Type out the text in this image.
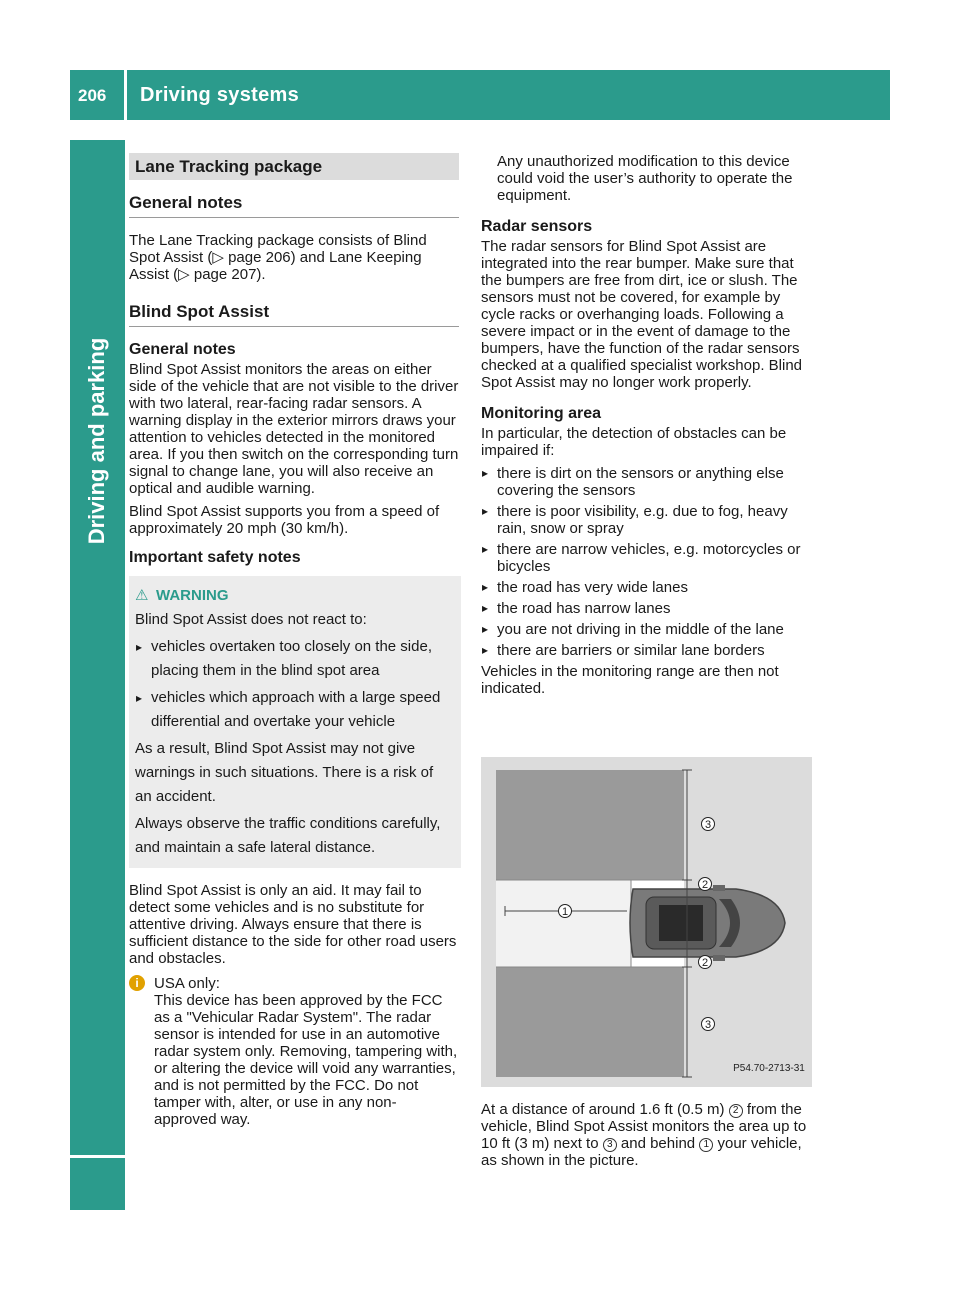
206 Driving systems
Driving and parking
Lane Tracking package
General notes

The Lane Tracking package consists of Blind Spot Assist (▷ page 206) and Lane Keeping Assist (▷ page 207).

Blind Spot Assist
General notes

Blind Spot Assist monitors the areas on either side of the vehicle that are not visible to the driver with two lateral, rear-facing radar sensors. A warning display in the exterior mirrors draws your attention to vehicles detected in the monitored area. If you then switch on the corresponding turn signal to change lane, you will also receive an optical and audible warning.

Blind Spot Assist supports you from a speed of approximately 20 mph (30 km/h).

Important safety notes
⚠ WARNING

Blind Spot Assist does not react to:

▸ vehicles overtaken too closely on the side, placing them in the blind spot area
▸ vehicles which approach with a large speed differential and overtake your vehicle

As a result, Blind Spot Assist may not give warnings in such situations. There is a risk of an accident.

Always observe the traffic conditions carefully, and maintain a safe lateral distance.

Blind Spot Assist is only an aid. It may fail to detect some vehicles and is no substitute for attentive driving. Always ensure that there is sufficient distance to the side for other road users and obstacles.

i	USA only:

This device has been approved by the FCC as a "Vehicular Radar System". The radar sensor is intended for use in an automotive radar system only. Removing, tampering with, or altering the device will void any warranties, and is not permitted by the FCC. Do not tamper with, alter, or use in any non-approved way.

Any unauthorized modification to this device could void the user’s authority to operate the equipment.

Radar sensors

The radar sensors for Blind Spot Assist are integrated into the rear bumper. Make sure that the bumpers are free from dirt, ice or slush. The sensors must not be covered, for example by cycle racks or overhanging loads. Following a severe impact or in the event of damage to the bumpers, have the function of the radar sensors checked at a qualified specialist workshop. Blind Spot Assist may no longer work properly.

Monitoring area

In particular, the detection of obstacles can be impaired if:

▸ there is dirt on the sensors or anything else covering the sensors
▸ there is poor visibility, e.g. due to fog, heavy rain, snow or spray
▸ there are narrow vehicles, e.g. motorcycles or bicycles
▸ the road has very wide lanes
▸ the road has narrow lanes
▸ you are not driving in the middle of the lane
▸ there are barriers or similar lane borders

Vehicles in the monitoring range are then not indicated.

3
2
1
2
3
P54.70-2713-31
At a distance of around 1.6 ft (0.5 m) 2 from the vehicle, Blind Spot Assist monitors the area up to 10 ft (3 m) next to 3 and behind 1 your vehicle, as shown in the picture.
